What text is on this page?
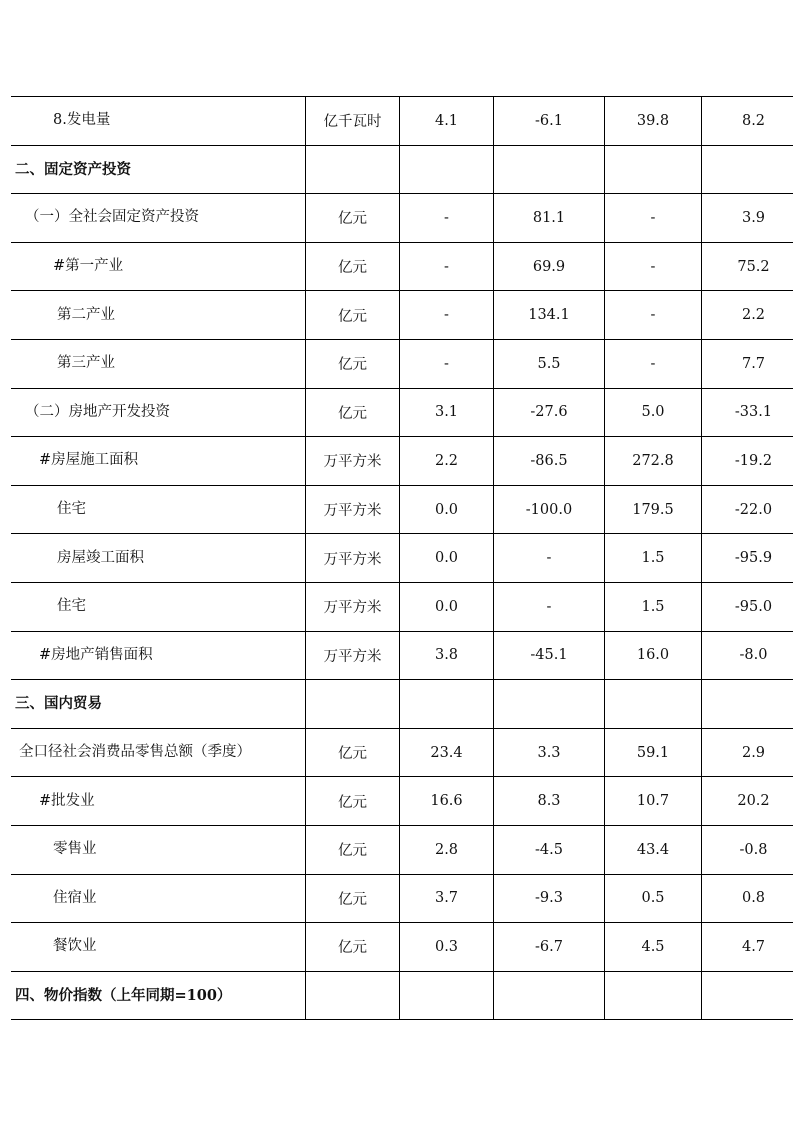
8.发电量	亿千瓦时	4.1	-6.1	39.8	8.2
二、固定资产投资					
（一）全社会固定资产投资	亿元	-	81.1	-	3.9
#第一产业	亿元	-	69.9	-	75.2
第二产业	亿元	-	134.1	-	2.2
第三产业	亿元	-	5.5	-	7.7
（二）房地产开发投资	亿元	3.1	-27.6	5.0	-33.1
#房屋施工面积	万平方米	2.2	-86.5	272.8	-19.2
住宅	万平方米	0.0	-100.0	179.5	-22.0
房屋竣工面积	万平方米	0.0	-	1.5	-95.9
住宅	万平方米	0.0	-	1.5	-95.0
#房地产销售面积	万平方米	3.8	-45.1	16.0	-8.0
三、国内贸易					
全口径社会消费品零售总额（季度）	亿元	23.4	3.3	59.1	2.9
#批发业	亿元	16.6	8.3	10.7	20.2
零售业	亿元	2.8	-4.5	43.4	-0.8
住宿业	亿元	3.7	-9.3	0.5	0.8
餐饮业	亿元	0.3	-6.7	4.5	4.7
四、物价指数（上年同期=100）					
